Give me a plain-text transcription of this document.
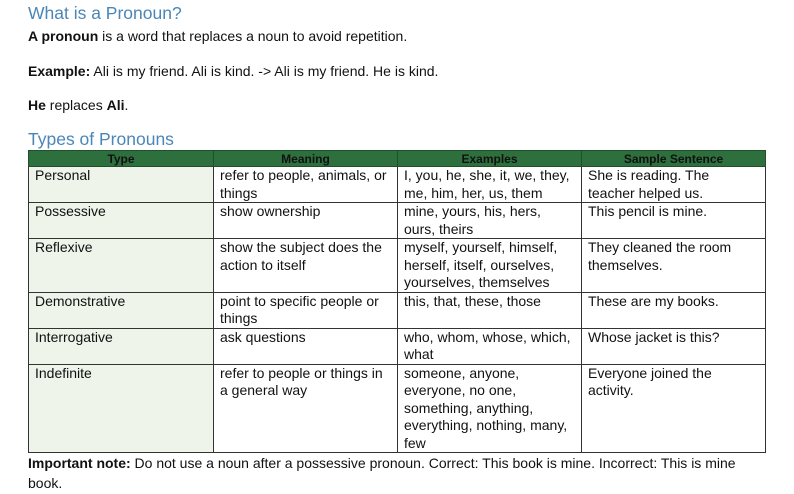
What is a Pronoun?

A pronoun is a word that replaces a noun to avoid repetition.

Example: Ali is my friend. Ali is kind. -> Ali is my friend. He is kind.

He replaces Ali.

Types of Pronouns
Type	Meaning	Examples	Sample Sentence
Personal	refer to people, animals, or things	I, you, he, she, it, we, they, me, him, her, us, them	She is reading. The teacher helped us.
Possessive	show ownership	mine, yours, his, hers, ours, theirs	This pencil is mine.
Reflexive	show the subject does the action to itself	myself, yourself, himself, herself, itself, ourselves, yourselves, themselves	They cleaned the room themselves.
Demonstrative	point to specific people or things	this, that, these, those	These are my books.
Interrogative	ask questions	who, whom, whose, which, what	Whose jacket is this?
Indefinite	refer to people or things in a general way	someone, anyone, everyone, no one, something, anything, everything, nothing, many, few	Everyone joined the activity.

Important note: Do not use a noun after a possessive pronoun. Correct: This book is mine. Incorrect: This is mine book.
